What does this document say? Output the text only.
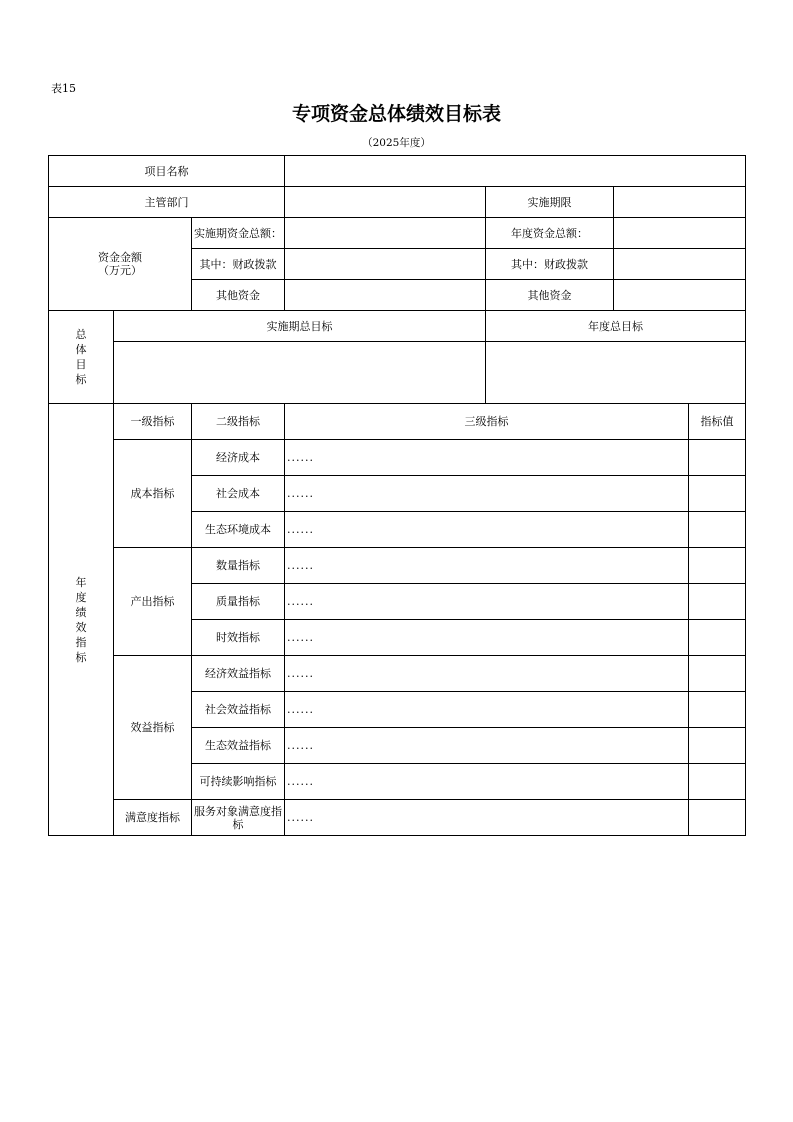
表15
专项资金总体绩效目标表
（2025年度）
项目名称						
主管部门				实施期限		
资金金额
（万元）		实施期资金总额：		年度资金总额：		
		其中：财政拨款		其中：财政拨款		
		其他资金		其他资金		

总体目标	实施期总目标			年度总目标		

年度绩效指标	一级指标	二级指标	三级指标			指标值
	成本指标	经济成本	......			
		社会成本	......			
		生态环境成本	......			
	产出指标	数量指标	......			
		质量指标	......			
		时效指标	......			
	效益指标	经济效益指标	......			
		社会效益指标	......			
		生态效益指标	......			
		可持续影响指标	......			
	满意度指标	服务对象满意度指标	......			
